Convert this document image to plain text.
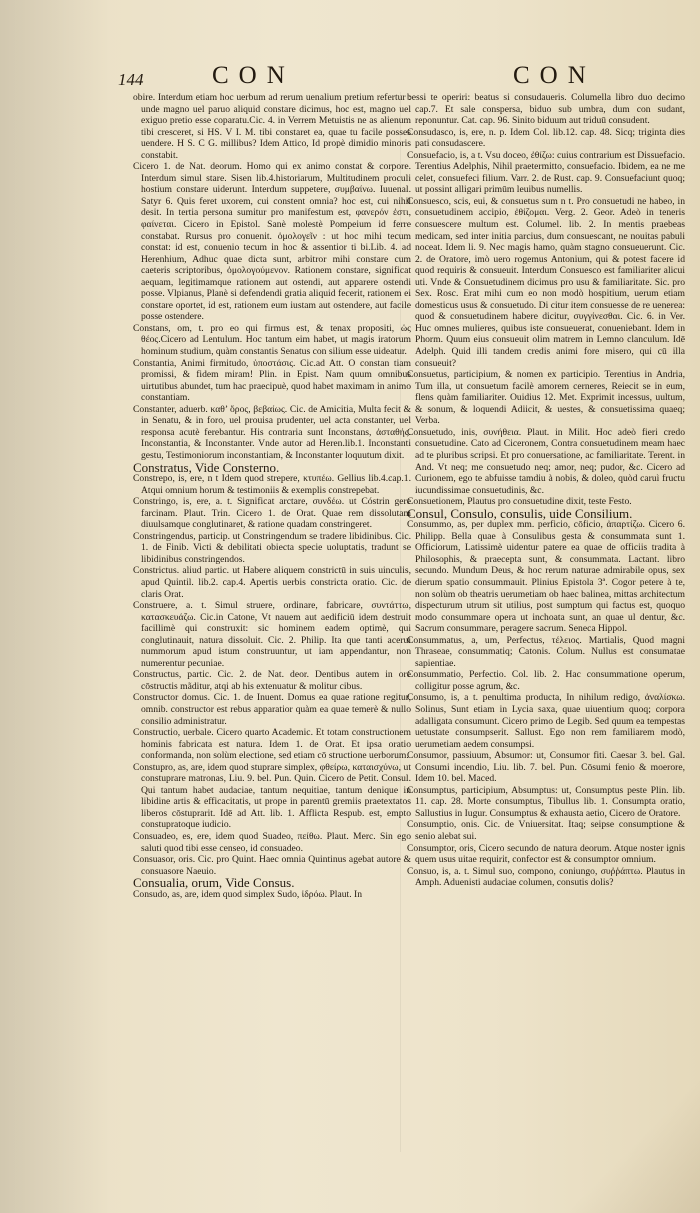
144	CON	CON

obire. Interdum etiam hoc uerbum ad rerum uenalium pretium refertur : unde magno uel paruo aliquid constare dicimus, hoc est, magno uel exiguo pretio esse coparatu.Cic. 4. in Verrem Metuistis ne as alienum tibi cresceret, si HS. V I. M. tibi constaret ea, quae tu facile posses uendere. H S. C G. millibus? Idem Attico, Id propè dimidio minoris constabit.

Cicero 1. de Nat. deorum. Homo qui ex animo constat & corpore. Interdum simul stare. Sisen lib.4.historiarum, Multitudinem proculi hostium constare uiderunt. Interdum suppetere, συμβαίνω. Iuuenal. Satyr 6. Quis feret uxorem, cui constent omnia? hoc est, cui nihil desit. In tertia persona sumitur pro manifestum est, φανερόν ἐστι, φαίνεται. Cicero in Epistol. Sanè molestè Pompeium id ferre constabat. Rursus pro conuenit. ὁμολογεῖν : ut hoc mihi tecum constat: id est, conuenio tecum in hoc & assentior ti bi.Lib. 4. ad Herenhium, Adhuc quae dicta sunt, arbitror mihi constare cum caeteris scriptoribus, ὁμολογούμενον. Rationem constare, significat aequam, legitimamque rationem aut ostendi, aut apparere ostendi posse. Vlpianus, Planè si defendendi gratia aliquid fecerit, rationem ei constare oportet, id est, rationem eum iustam aut ostendere, aut facile posse ostendere.

Constans, om, t. pro eo qui firmus est, & tenax propositi, ὡς θέος.Cicero ad Lentulum. Hoc tantum eim habet, ut magis iratorum hominum studium, quàm constantis Senatus con silium esse uideatur.

Constantia, Animi firmitudo, ὑποστάσις. Cic.ad Att. O constan tiam promissi, & fidem miram! Plin. in Epist. Nam quum omnibus uirtutibus abundet, tum hac praecipuè, quod habet maximam in animo constantiam.

Constanter, aduerb. καθ’ ὅρος, βεβαίως. Cic. de Amicitia, Multa fecit & in Senatu, & in foro, uel prouisa prudenter, uel acta constanter, uel responsa acutè ferebantur. His contraria sunt Inconstans, ἀσταθής. Inconstantia, & Inconstanter. Vnde autor ad Heren.lib.1. Inconstanti gestu, Testimoniorum inconstantiam, & Inconstanter loquutum dixit.

Constratus, Vide Consterno.

Constrepo, is, ere, n t Idem quod strepere, κτυπέω. Gellius lib.4.cap.1. Atqui omnium horum & testimoniis & exemplis constrepebat.

Constringo, is, ere, a. t. Significat arctare, συνδέω. ut Cóstrin gere farcinam. Plaut. Trin. Cicero 1. de Orat. Quae rem dissolutam diuulsamque conglutinaret, & ratione quadam constringeret.

Constringendus, particip. ut Constringendum se tradere libidinibus. Cic. 1. de Finib. Victi & debilitati obiecta specie uoluptatis, tradunt se libidinibus constringendos.

Constrictus. aliud partic. ut Habere aliquem constrictū in suis uinculis, apud Quintil. lib.2. cap.4. Apertis uerbis constricta oratio. Cic. de claris Orat.

Construere, a. t. Simul struere, ordinare, fabricare, συντάττω, κατασκευάζω. Cic.in Catone, Vt nauem aut aedificiū idem destruit facillimè qui construxit: sic hominem eadem optimè, qui conglutinauit, natura dissoluit. Cic. 2. Philip. Ita que tanti acerui nummorum apud istum construuntur, ut iam appendantur, non numerentur pecuniae.

Constructus, partic. Cic. 2. de Nat. deor. Dentibus autem in ore cōstructis mãditur, atqi ab his extenuatur & molitur cibus.

Constructor domus. Cic. 1. de Inuent. Domus ea quae ratione regitur, omnib. constructor est rebus apparatior quàm ea quae temerè & nullo consilio administratur.

Constructio, uerbale. Cicero quarto Academic. Et totam constructionem hominis fabricata est natura. Idem 1. de Orat. Et ipsa oratio conformanda, non solùm electione, sed etiam cō structione uerborum.

Constupro, as, are, idem quod stuprare simplex, φθείρω, καταισχύνω, ut constuprare matronas, Liu. 9. bel. Pun. Quin. Cicero de Petit. Consul. Qui tantum habet audaciae, tantum nequitiae, tantum denique in libidine artis & efficacitatis, ut prope in parentū gremiis praetextatos liberos cōstuprarit. Idē ad Att. lib. 1. Afflicta Respub. est, empto constupratoque iudicio.

Consuadeo, es, ere, idem quod Suadeo, πείθω. Plaut. Merc. Sin ego saluti quod tibi esse censeo, id consuadeo.

Consuasor, oris. Cic. pro Quint. Haec omnia Quintinus agebat autore & consuasore Naeuio.

Consualia, orum, Vide Consus.

Consudo, as, are, idem quod simplex Sudo, ἱδρόω. Plaut. In

bessi te operiri: beatus si consudaueris. Columella libro duo decimo cap.7. Et sale conspersa, biduo sub umbra, dum con sudant, reponuntur. Cat. cap. 96. Sinito biduum aut triduū consudent.

Consudasco, is, ere, n. p. Idem Col. lib.12. cap. 48. Sicq; triginta dies pati consudascere.

Consuefacio, is, a t. Vsu doceo, ἐθίζω: cuius contrarium est Dissuefacio. Terentius Adelphis, Nihil praetermitto, consuefacio. Ibidem, ea ne me celet, consuefeci filium. Varr. 2. de Rust. cap. 9. Consuefaciunt quoq; ut possint alligari primūm leuibus numellis.

Consuesco, scis, eui, & consuetus sum n t. Pro consuetudi ne habeo, in consuetudinem accipio, ἐθίζομαι. Verg. 2. Geor. Adeò in teneris consuescere multum est. Columel. lib. 2. In mentis praebeas medicam, sed inter initia parcius, dum consuescant, ne nouitas pabuli noceat. Idem li. 9. Nec magis hamo, quàm stagno consueuerunt. Cic. 2. de Oratore, imò uero rogemus Antonium, qui & potest facere id quod requiris & consueuit. Interdum Consuesco est familiariter alicui uti. Vnde & Consuetudinem dicimus pro usu & familiaritate. Sic. pro Sex. Rosc. Erat mihi cum eo non modò hospitium, uerum etiam domesticus usus & consuetudo. Di citur item consuesse de re uenerea: quod & consuetudinem habere dicitur, συγγίνεσθαι. Cic. 6. in Ver. Huc omnes mulieres, quibus iste consueuerat, conueniebant. Idem in Phorm. Quum eius consueuit olim matrem in Lemno clanculum. Idē Adelph. Quid illi tandem credis animi fore misero, qui cū illa consueuit?

Consuetus, participium, & nomen ex participio. Terentius in Andria, Tum illa, ut consuetum facilè amorem cerneres, Reiecit se in eum, flens quàm familiariter. Ouidius 12. Met. Exprimit incessus, uultum, & sonum, & loquendi Adiicit, & uestes, & consuetissima quaeq; Verba.

Consuetudo, inis, συνήθεια. Plaut. in Milit. Hoc adeò fieri credo consuetudine. Cato ad Ciceronem, Contra consuetudinem meam haec ad te pluribus scripsi. Et pro conuersatione, ac familiaritate. Terent. in And. Vt neq; me consuetudo neq; amor, neq; pudor, &c. Cicero ad Curionem, ego te abfuisse tamdiu à nobis, & doleo, quòd caruì fructu iucundissimae consuetudinis, &c.

Consuetionem, Plautus pro consuetudine dixit, teste Festo.

Consul, Consulo, consulis, uide Consilium.

Consummo, as, per duplex mm. perficio, cōficio, ἀπαρτίζω. Cicero 6. Philipp. Bella quae à Consulibus gesta & consummata sunt 1. Officiorum, Latissimè uidentur patere ea quae de officiis tradita à Philosophis, & praecepta sunt, & consummata. Lactant. libro secundo. Mundum Deus, & hoc rerum naturae admirabile opus, sex dierum spatio consummauit. Plinius Epistola 3ª. Cogor petere à te, non solùm ob theatris uerumetiam ob haec balinea, mittas architectum dispecturum utrum sit utilius, post sumptum qui factus est, quoquo modo consummare opera ut inchoata sunt, an quae ul dentur, &c. Sacrum consummare, peragere sacrum. Seneca Hippol.

Consummatus, a, um, Perfectus, τέλειος. Martialis, Quod magni Thraseae, consummatiq; Catonis. Colum. Nullus est consumatae sapientiae.

Consummatio, Perfectio. Col. lib. 2. Hac consummatione operum, colligitur posse agrum, &c.

Consumo, is, a t. penultima producta, In nihilum redigo, ἀναλίσκω. Solinus, Sunt etiam in Lycia saxa, quae uiuentium quoq; corpora adalligata consumunt. Cicero primo de Legib. Sed quum ea tempestas uetustate consumpserit. Sallust. Ego non rem familiarem modò, uerumetiam aedem consumpsi.

Consumor, passiuum, Absumor: ut, Consumor fiti. Caesar 3. bel. Gal. Consumi incendio, Liu. lib. 7. bel. Pun. Cōsumi fenio & moerore, Idem 10. bel. Maced.

Consumptus, participium, Absumptus: ut, Consumptus peste Plin. lib. 11. cap. 28. Morte consumptus, Tibullus lib. 1. Consumpta oratio, Sallustius in Iugur. Consumptus & exhausta aetio, Cicero de Oratore.

Consumptio, onis. Cic. de Vniuersitat. Itaq; seipse consumptione & senio alebat sui.

Consumptor, oris, Cicero secundo de natura deorum. Atque noster ignis quem usus uitae requirit, confector est & consumptor omnium.

Consuo, is, a. t. Simul suo, compono, coniungo, συῤῥάπτω. Plautus in Amph. Aduenisti audaciae columen, consutis dolis?
